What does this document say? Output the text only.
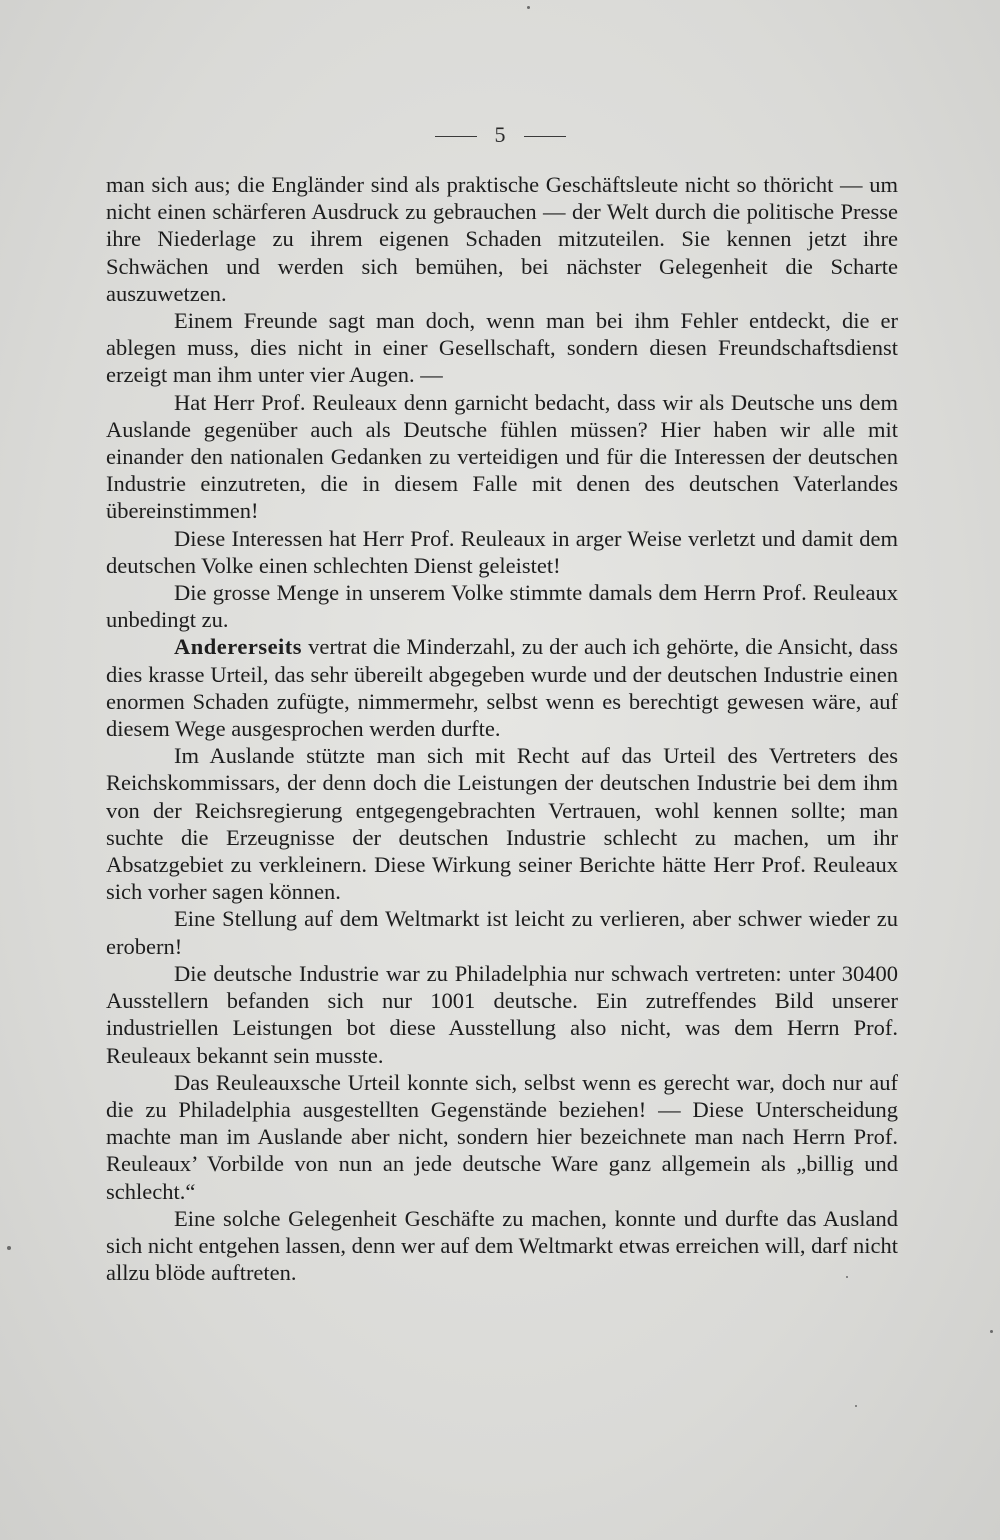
5

man sich aus; die Engländer sind als praktische Geschäftsleute nicht so thöricht — um nicht einen schärferen Ausdruck zu gebrauchen — der Welt durch die politische Presse ihre Niederlage zu ihrem eigenen Schaden mitzuteilen. Sie kennen jetzt ihre Schwächen und werden sich bemühen, bei nächster Gelegenheit die Scharte auszuwetzen.

Einem Freunde sagt man doch, wenn man bei ihm Fehler entdeckt, die er ablegen muss, dies nicht in einer Gesellschaft, sondern diesen Freundschaftsdienst erzeigt man ihm unter vier Augen. —

Hat Herr Prof. Reuleaux denn garnicht bedacht, dass wir als Deutsche uns dem Auslande gegenüber auch als Deutsche fühlen müssen? Hier haben wir alle mit einander den nationalen Gedanken zu verteidigen und für die Interessen der deutschen Industrie einzutreten, die in diesem Falle mit denen des deutschen Vaterlandes übereinstimmen!

Diese Interessen hat Herr Prof. Reuleaux in arger Weise verletzt und damit dem deutschen Volke einen schlechten Dienst geleistet!

Die grosse Menge in unserem Volke stimmte damals dem Herrn Prof. Reuleaux unbedingt zu.

Andererseits vertrat die Minderzahl, zu der auch ich gehörte, die Ansicht, dass dies krasse Urteil, das sehr übereilt abgegeben wurde und der deutschen Industrie einen enormen Schaden zufügte, nimmermehr, selbst wenn es berechtigt gewesen wäre, auf diesem Wege ausgesprochen werden durfte.

Im Auslande stützte man sich mit Recht auf das Urteil des Vertreters des Reichskommissars, der denn doch die Leistungen der deutschen Industrie bei dem ihm von der Reichsregierung entgegengebrachten Vertrauen, wohl kennen sollte; man suchte die Erzeugnisse der deutschen Industrie schlecht zu machen, um ihr Absatzgebiet zu verkleinern. Diese Wirkung seiner Berichte hätte Herr Prof. Reuleaux sich vorher sagen können.

Eine Stellung auf dem Weltmarkt ist leicht zu verlieren, aber schwer wieder zu erobern!

Die deutsche Industrie war zu Philadelphia nur schwach vertreten: unter 30400 Ausstellern befanden sich nur 1001 deutsche. Ein zutreffendes Bild unserer industriellen Leistungen bot diese Ausstellung also nicht, was dem Herrn Prof. Reuleaux bekannt sein musste.

Das Reuleauxsche Urteil konnte sich, selbst wenn es gerecht war, doch nur auf die zu Philadelphia ausgestellten Gegenstände beziehen! — Diese Unterscheidung machte man im Auslande aber nicht, sondern hier bezeichnete man nach Herrn Prof. Reuleaux’ Vorbilde von nun an jede deutsche Ware ganz allgemein als „billig und schlecht.“

Eine solche Gelegenheit Geschäfte zu machen, konnte und durfte das Ausland sich nicht entgehen lassen, denn wer auf dem Weltmarkt etwas erreichen will, darf nicht allzu blöde auftreten.
